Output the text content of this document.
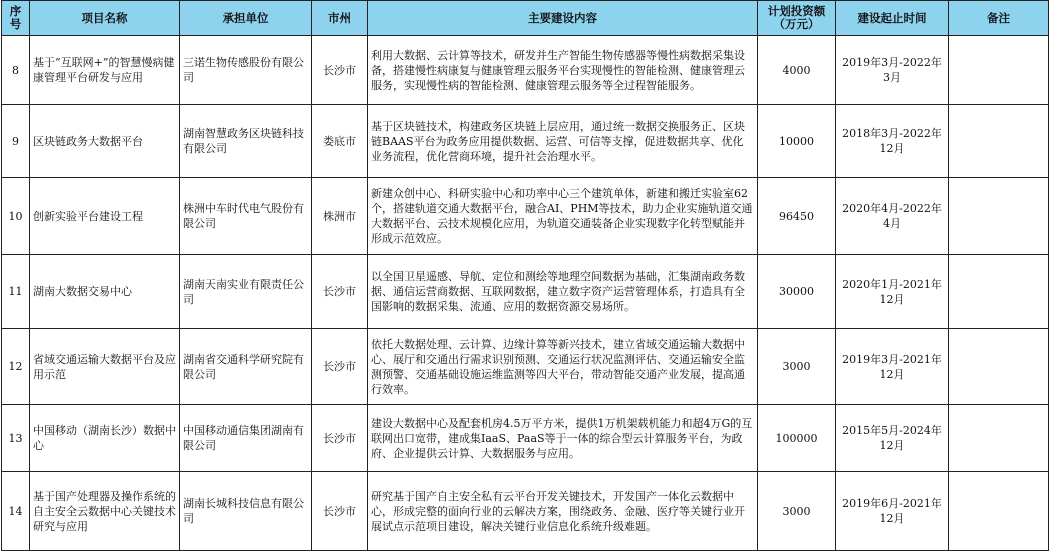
序号	项目名称	承担单位	市州	主要建设内容	计划投资额（万元）	建设起止时间	备注
8	基于“互联网+”的智慧慢病健康管理平台研发与应用	三诺生物传感股份有限公司	长沙市	利用大数据、云计算等技术，研发并生产智能生物传感器等慢性病数据采集设备，搭建慢性病康复与健康管理云服务平台实现慢性的智能检测、健康管理云服务，实现慢性病的智能检测、健康管理云服务等全过程智能服务。	4000	2019年3月-2022年3月	
9	区块链政务大数据平台	湖南智慧政务区块链科技有限公司	娄底市	基于区块链技术，构建政务区块链上层应用，通过统一数据交换服务正、区块链BAAS平台为政务应用提供数据、运营、可信等支撑，促进数据共享、优化业务流程，优化营商环境，提升社会治理水平。	10000	2018年3月-2022年12月	
10	创新实验平台建设工程	株洲中车时代电气股份有限公司	株洲市	新建众创中心、科研实验中心和功率中心三个建筑单体，新建和搬迁实验室62个，搭建轨道交通大数据平台，融合AI、PHM等技术，助力企业实施轨道交通大数据平台、云技术规模化应用，为轨道交通装备企业实现数字化转型赋能并形成示范效应。	96450	2020年4月-2022年4月	
11	湖南大数据交易中心	湖南天南实业有限责任公司	长沙市	以全国卫星遥感、导航、定位和测绘等地理空间数据为基础，汇集湖南政务数据、通信运营商数据、互联网数据，建立数字资产运营管理体系，打造具有全国影响的数据采集、流通、应用的数据资源交易场所。	30000	2020年1月-2021年12月	
12	省域交通运输大数据平台及应用示范	湖南省交通科学研究院有限公司	长沙市	依托大数据处理、云计算、边缘计算等新兴技术，建立省域交通运输大数据中心、展厅和交通出行需求识别预测、交通运行状况监测评估、交通运输安全监测预警、交通基础设施运维监测等四大平台，带动智能交通产业发展，提高通行效率。	3000	2019年3月-2021年12月	
13	中国移动（湖南长沙）数据中心	中国移动通信集团湖南有限公司	长沙市	建设大数据中心及配套机房4.5万平方米，提供1万机架载机能力和超4万G的互联网出口宽带，建成集IaaS、PaaS等于一体的综合型云计算服务平台，为政府、企业提供云计算、大数据服务与应用。	100000	2015年5月-2024年12月	
14	基于国产处理器及操作系统的自主安全云数据中心关键技术研究与应用	湖南长城科技信息有限公司	长沙市	研究基于国产自主安全私有云平台开发关键技术，开发国产一体化云数据中心，形成完整的面向行业的云解决方案，围绕政务、金融、医疗等关键行业开展试点示范项目建设，解决关键行业信息化系统升级难题。	3000	2019年6月-2021年12月	
